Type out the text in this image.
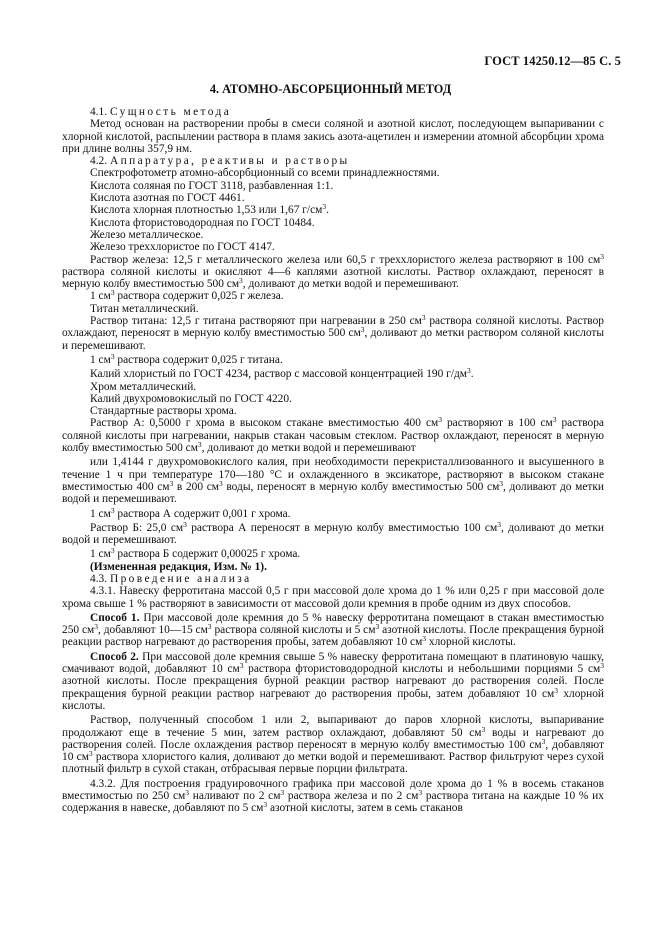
ГОСТ 14250.12—85 С. 5
4. АТОМНО-АБСОРБЦИОННЫЙ МЕТОД

4.1. Сущность метода

Метод основан на растворении пробы в смеси соляной и азотной кислот, последующем выпаривании с хлорной кислотой, распылении раствора в пламя закись азота-ацетилен и измерении атомной абсорбции хрома при длине волны 357,9 нм.

4.2. Аппаратура, реактивы и растворы

Спектрофотометр атомно-абсорбционный со всеми принадлежностями.

Кислота соляная по ГОСТ 3118, разбавленная 1:1.

Кислота азотная по ГОСТ 4461.

Кислота хлорная плотностью 1,53 или 1,67 $г/см^3$.

Кислота фтористоводородная по ГОСТ 10484.

Железо металлическое.

Железо треххлористое по ГОСТ 4147.

Раствор железа: 12,5 г металлического железа или 60,5 г треххлористого железа растворяют в 100 $см^3$ раствора соляной кислоты и окисляют 4—6 каплями азотной кислоты. Раствор охлаждают, переносят в мерную колбу вместимостью 500 $см^3$, доливают до метки водой и перемешивают.

1 $см^3$ раствора содержит 0,025 г железа.

Титан металлический.

Раствор титана: 12,5 г титана растворяют при нагревании в 250 $см^3$ раствора соляной кислоты. Раствор охлаждают, переносят в мерную колбу вместимостью 500 $см^3$, доливают до метки раствором соляной кислоты и перемешивают.

1 $см^3$ раствора содержит 0,025 г титана.

Калий хлористый по ГОСТ 4234, раствор с массовой концентрацией 190 $г/дм^3$.

Хром металлический.

Калий двухромовокислый по ГОСТ 4220.

Стандартные растворы хрома.

Раствор А: 0,5000 г хрома в высоком стакане вместимостью 400 $см^3$ растворяют в 100 $см^3$ раствора соляной кислоты при нагревании, накрыв стакан часовым стеклом. Раствор охлаждают, переносят в мерную колбу вместимостью 500 $см^3$, доливают до метки водой и перемешивают

или 1,4144 г двухромовокислого калия, при необходимости перекристаллизованного и высушенного в течение 1 ч при температуре 170—180 °С и охлажденного в эксикаторе, растворяют в высоком стакане вместимостью 400 $см^3$ в 200 $см^3$ воды, переносят в мерную колбу вместимостью 500 $см^3$, доливают до метки водой и перемешивают.

1 $см^3$ раствора А содержит 0,001 г хрома.

Раствор Б: 25,0 $см^3$ раствора А переносят в мерную колбу вместимостью 100 $см^3$, доливают до метки водой и перемешивают.

1 $см^3$ раствора Б содержит 0,00025 г хрома.

(Измененная редакция, Изм. № 1).

4.3. Проведение анализа

4.3.1. Навеску ферротитана массой 0,5 г при массовой доле хрома до 1 % или 0,25 г при массовой доле хрома свыше 1 % растворяют в зависимости от массовой доли кремния в пробе одним из двух способов.

Способ 1. При массовой доле кремния до 5 % навеску ферротитана помещают в стакан вместимостью 250 $см^3$, добавляют 10—15 $см^3$ раствора соляной кислоты и 5 $см^3$ азотной кислоты. После прекращения бурной реакции раствор нагревают до растворения пробы, затем добавляют 10 $см^3$ хлорной кислоты.

Способ 2. При массовой доле кремния свыше 5 % навеску ферротитана помещают в платиновую чашку, смачивают водой, добавляют 10 $см^3$ раствора фтористоводородной кислоты и небольшими порциями 5 $см^3$ азотной кислоты. После прекращения бурной реакции раствор нагревают до растворения солей. После прекращения бурной реакции раствор нагревают до растворения пробы, затем добавляют 10 $см^3$ хлорной кислоты.

Раствор, полученный способом 1 или 2, выпаривают до паров хлорной кислоты, выпаривание продолжают еще в течение 5 мин, затем раствор охлаждают, добавляют 50 $см^3$ воды и нагревают до растворения солей. После охлаждения раствор переносят в мерную колбу вместимостью 100 $см^3$, добавляют 10 $см^3$ раствора хлористого калия, доливают до метки водой и перемешивают. Раствор фильтруют через сухой плотный фильтр в сухой стакан, отбрасывая первые порции фильтрата.

4.3.2. Для построения градуировочного графика при массовой доле хрома до 1 % в восемь стаканов вместимостью по 250 $см^3$ наливают по 2 $см^3$ раствора железа и по 2 $см^3$ раствора титана на каждые 10 % их содержания в навеске, добавляют по 5 $см^3$ азотной кислоты, затем в семь стаканов
